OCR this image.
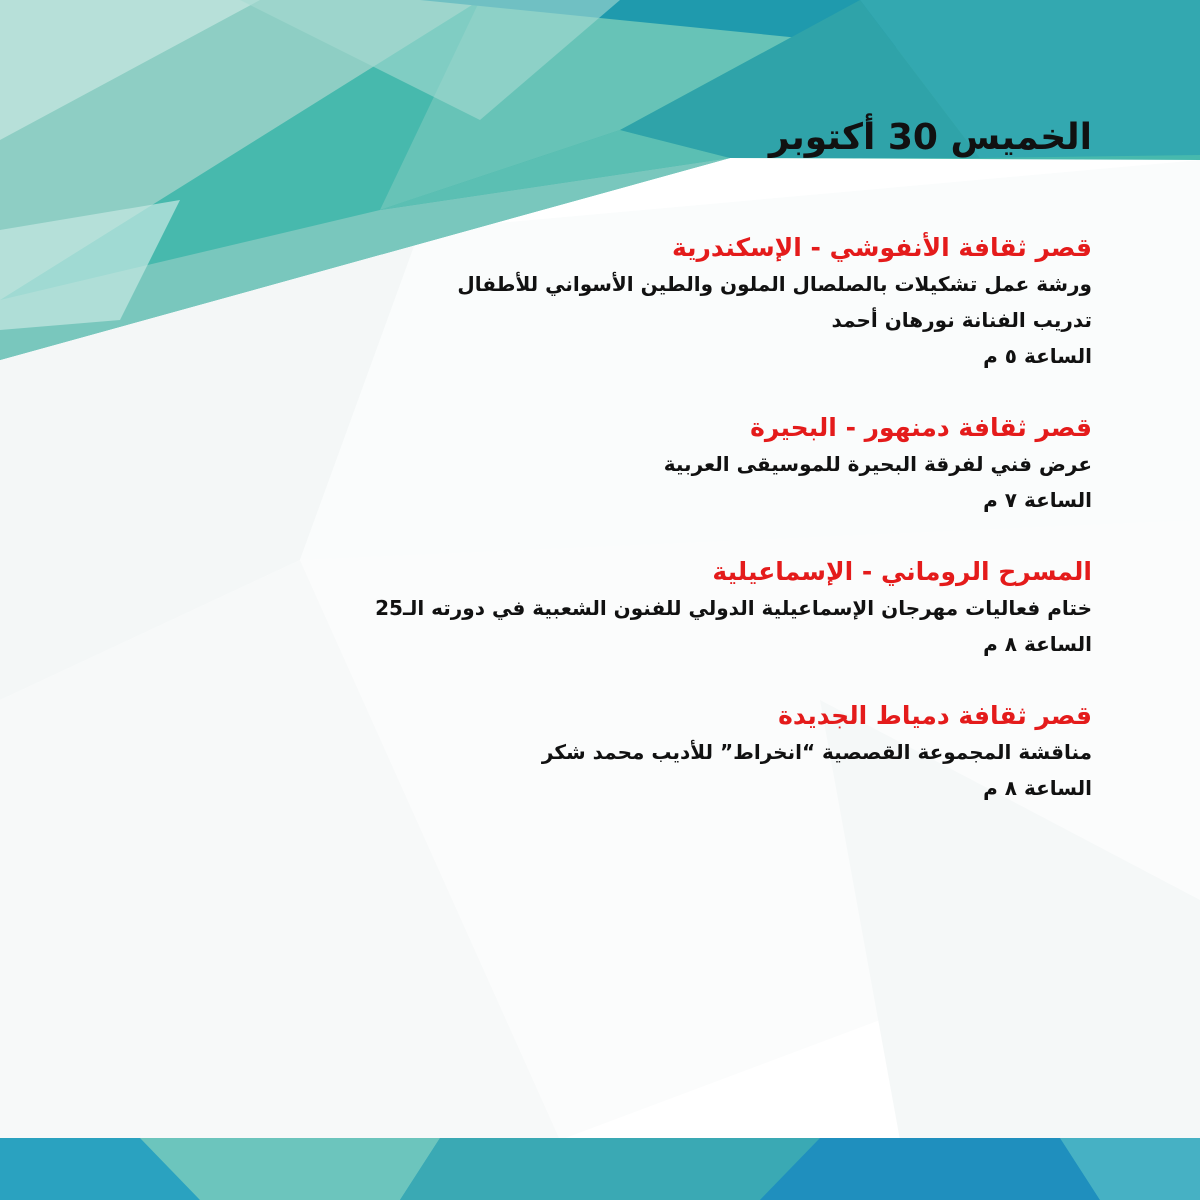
الخميس 30 أكتوبر
قصر ثقافة الأنفوشي - الإسكندرية
ورشة عمل تشكيلات بالصلصال الملون والطين الأسواني للأطفال
تدريب الفنانة نورهان أحمد
الساعة ٥ م
قصر ثقافة دمنهور - البحيرة
عرض فني لفرقة البحيرة للموسيقى العربية
الساعة ٧ م
المسرح الروماني - الإسماعيلية
ختام فعاليات مهرجان الإسماعيلية الدولي للفنون الشعبية في دورته الـ25
الساعة ٨ م
قصر ثقافة دمياط الجديدة
مناقشة المجموعة القصصية “انخراط” للأديب محمد شكر
الساعة ٨ م
